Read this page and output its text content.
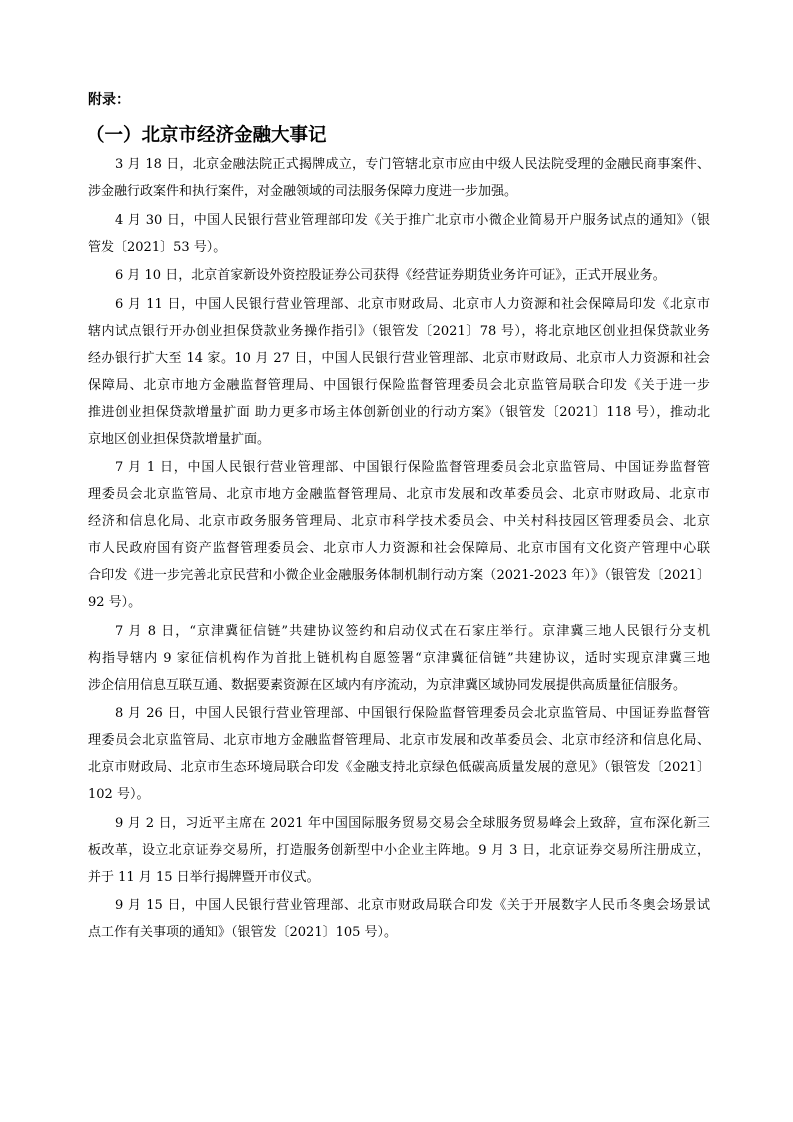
附录：
（一）北京市经济金融大事记
3 月 18 日，北京金融法院正式揭牌成立，专门管辖北京市应由中级人民法院受理的金融民商事案件、
涉金融行政案件和执行案件，对金融领域的司法服务保障力度进一步加强。
4 月 30 日，中国人民银行营业管理部印发《关于推广北京市小微企业简易开户服务试点的通知》（银
管发〔2021〕53 号）。
6 月 10 日，北京首家新设外资控股证券公司获得《经营证券期货业务许可证》，正式开展业务。
6 月 11 日，中国人民银行营业管理部、北京市财政局、北京市人力资源和社会保障局印发《北京市
辖内试点银行开办创业担保贷款业务操作指引》（银管发〔2021〕78 号），将北京地区创业担保贷款业务
经办银行扩大至 14 家。10 月 27 日，中国人民银行营业管理部、北京市财政局、北京市人力资源和社会
保障局、北京市地方金融监督管理局、中国银行保险监督管理委员会北京监管局联合印发《关于进一步
推进创业担保贷款增量扩面 助力更多市场主体创新创业的行动方案》（银管发〔2021〕118 号），推动北
京地区创业担保贷款增量扩面。
7 月 1 日，中国人民银行营业管理部、中国银行保险监督管理委员会北京监管局、中国证券监督管
理委员会北京监管局、北京市地方金融监督管理局、北京市发展和改革委员会、北京市财政局、北京市
经济和信息化局、北京市政务服务管理局、北京市科学技术委员会、中关村科技园区管理委员会、北京
市人民政府国有资产监督管理委员会、北京市人力资源和社会保障局、北京市国有文化资产管理中心联
合印发《进一步完善北京民营和小微企业金融服务体制机制行动方案（2021-2023 年）》（银管发〔2021〕
92 号）。
7 月 8 日，“京津冀征信链”共建协议签约和启动仪式在石家庄举行。京津冀三地人民银行分支机
构指导辖内 9 家征信机构作为首批上链机构自愿签署“京津冀征信链”共建协议，适时实现京津冀三地
涉企信用信息互联互通、数据要素资源在区域内有序流动，为京津冀区域协同发展提供高质量征信服务。
8 月 26 日，中国人民银行营业管理部、中国银行保险监督管理委员会北京监管局、中国证券监督管
理委员会北京监管局、北京市地方金融监督管理局、北京市发展和改革委员会、北京市经济和信息化局、
北京市财政局、北京市生态环境局联合印发《金融支持北京绿色低碳高质量发展的意见》（银管发〔2021〕
102 号）。
9 月 2 日，习近平主席在 2021 年中国国际服务贸易交易会全球服务贸易峰会上致辞，宣布深化新三
板改革，设立北京证券交易所，打造服务创新型中小企业主阵地。9 月 3 日，北京证券交易所注册成立，
并于 11 月 15 日举行揭牌暨开市仪式。
9 月 15 日，中国人民银行营业管理部、北京市财政局联合印发《关于开展数字人民币冬奥会场景试
点工作有关事项的通知》（银管发〔2021〕105 号）。
